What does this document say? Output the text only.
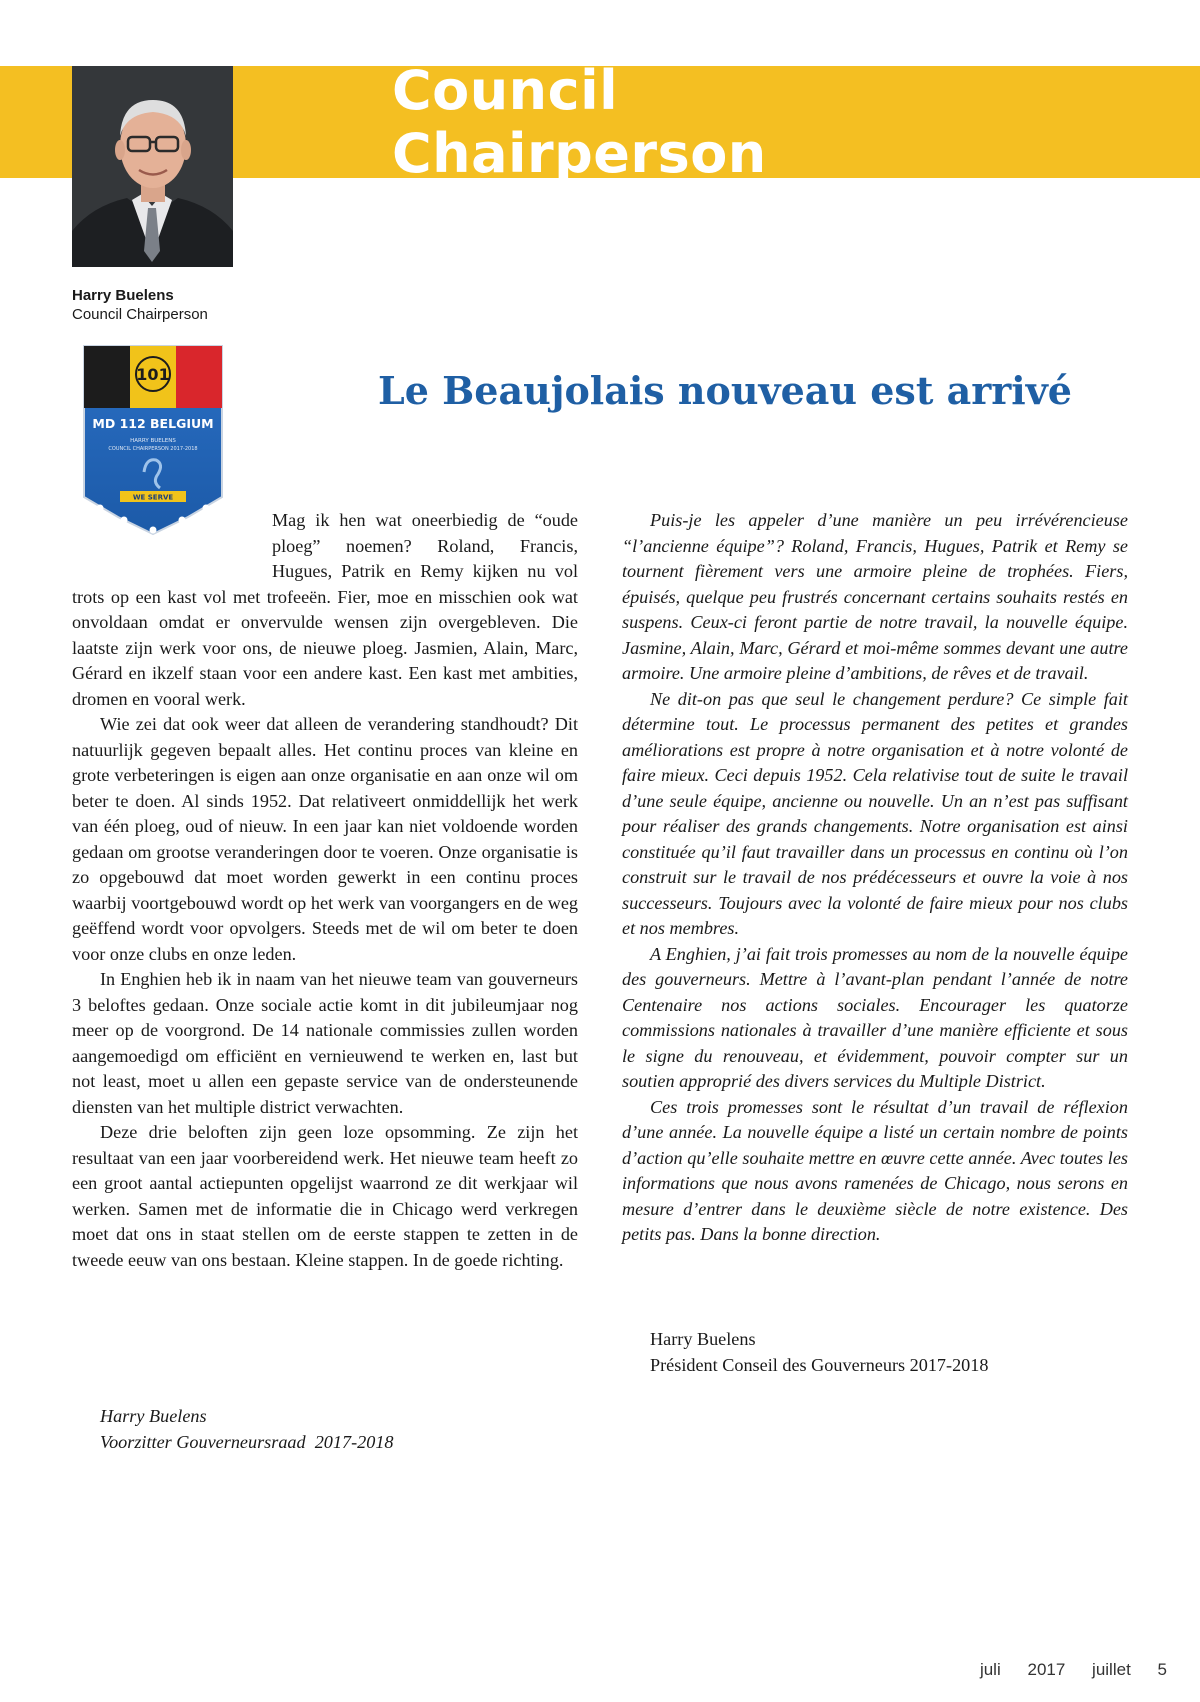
Council Chairperson
Harry Buelens
Council Chairperson
101
MD 112 BELGIUM
HARRY BUELENS
COUNCIL CHAIRPERSON 2017-2018
WE SERVE
Le Beaujolais nouveau est arrivé

Mag ik hen wat oneerbiedig de “oude ploeg” noemen? Roland, Francis, Hugues, Patrik en Remy kijken nu vol trots op een kast vol met trofeeën. Fier, moe en misschien ook wat onvoldaan omdat er onvervulde wensen zijn overgebleven. Die laatste zijn werk voor ons, de nieuwe ploeg. Jasmien, Alain, Marc, Gérard en ikzelf staan voor een andere kast. Een kast met ambities, dromen en vooral werk.

Wie zei dat ook weer dat alleen de verandering standhoudt? Dit natuurlijk gegeven bepaalt alles. Het continu proces van kleine en grote verbeteringen is eigen aan onze organisatie en aan onze wil om beter te doen. Al sinds 1952. Dat relativeert onmiddellijk het werk van één ploeg, oud of nieuw. In een jaar kan niet voldoende worden gedaan om grootse veranderingen door te voeren. Onze organisatie is zo opgebouwd dat moet worden gewerkt in een continu proces waarbij voortgebouwd wordt op het werk van voorgangers en de weg geëffend wordt voor opvolgers. Steeds met de wil om beter te doen voor onze clubs en onze leden.

In Enghien heb ik in naam van het nieuwe team van gouverneurs 3 beloftes gedaan. Onze sociale actie komt in dit jubileumjaar nog meer op de voorgrond. De 14 nationale commissies zullen worden aangemoedigd om efficiënt en vernieuwend te werken en, last but not least, moet u allen een gepaste service van de ondersteunende diensten van het multiple district verwachten.

Deze drie beloften zijn geen loze opsomming. Ze zijn het resultaat van een jaar voorbereidend werk. Het nieuwe team heeft zo een groot aantal actiepunten opgelijst waarrond ze dit werkjaar wil werken. Samen met de informatie die in Chicago werd verkregen moet dat ons in staat stellen om de eerste stappen te zetten in de tweede eeuw van ons bestaan. Kleine stappen. In de goede richting.

Puis-je les appeler d’une manière un peu irrévérencieuse “l’ancienne équipe”? Roland, Francis, Hugues, Patrik et Remy se tournent fièrement vers une armoire pleine de trophées. Fiers, épuisés, quelque peu frustrés concernant certains souhaits restés en suspens. Ceux-ci feront partie de notre travail, la nouvelle équipe. Jasmine, Alain, Marc, Gérard et moi-même sommes devant une autre armoire. Une armoire pleine d’ambitions, de rêves et de travail.

Ne dit-on pas que seul le changement perdure? Ce simple fait détermine tout. Le processus permanent des petites et grandes améliorations est propre à notre organisation et à notre volonté de faire mieux. Ceci depuis 1952. Cela relativise tout de suite le travail d’une seule équipe, ancienne ou nouvelle. Un an n’est pas suffisant pour réaliser des grands changements. Notre organisation est ainsi constituée qu’il faut travailler dans un processus en continu où l’on construit sur le travail de nos prédécesseurs et ouvre la voie à nos successeurs. Toujours avec la volonté de faire mieux pour nos clubs et nos membres.

A Enghien, j’ai fait trois promesses au nom de la nouvelle équipe des gouverneurs. Mettre à l’avant-plan pendant l’année de notre Centenaire nos actions sociales. Encourager les quatorze commissions nationales à travailler d’une manière efficiente et sous le signe du renouveau, et évidemment, pouvoir compter sur un soutien approprié des divers services du Multiple District.

Ces trois promesses sont le résultat d’un travail de réflexion d’une année. La nouvelle équipe a listé un certain nombre de points d’action qu’elle souhaite mettre en œuvre cette année. Avec toutes les informations que nous avons ramenées de Chicago, nous serons en mesure d’entrer dans le deuxième siècle de notre existence. Des petits pas. Dans la bonne direction.

Harry Buelens
Président Conseil des Gouverneurs 2017-2018
Harry Buelens
Voorzitter Gouverneursraad  2017-2018
juli 2017 juillet 5
